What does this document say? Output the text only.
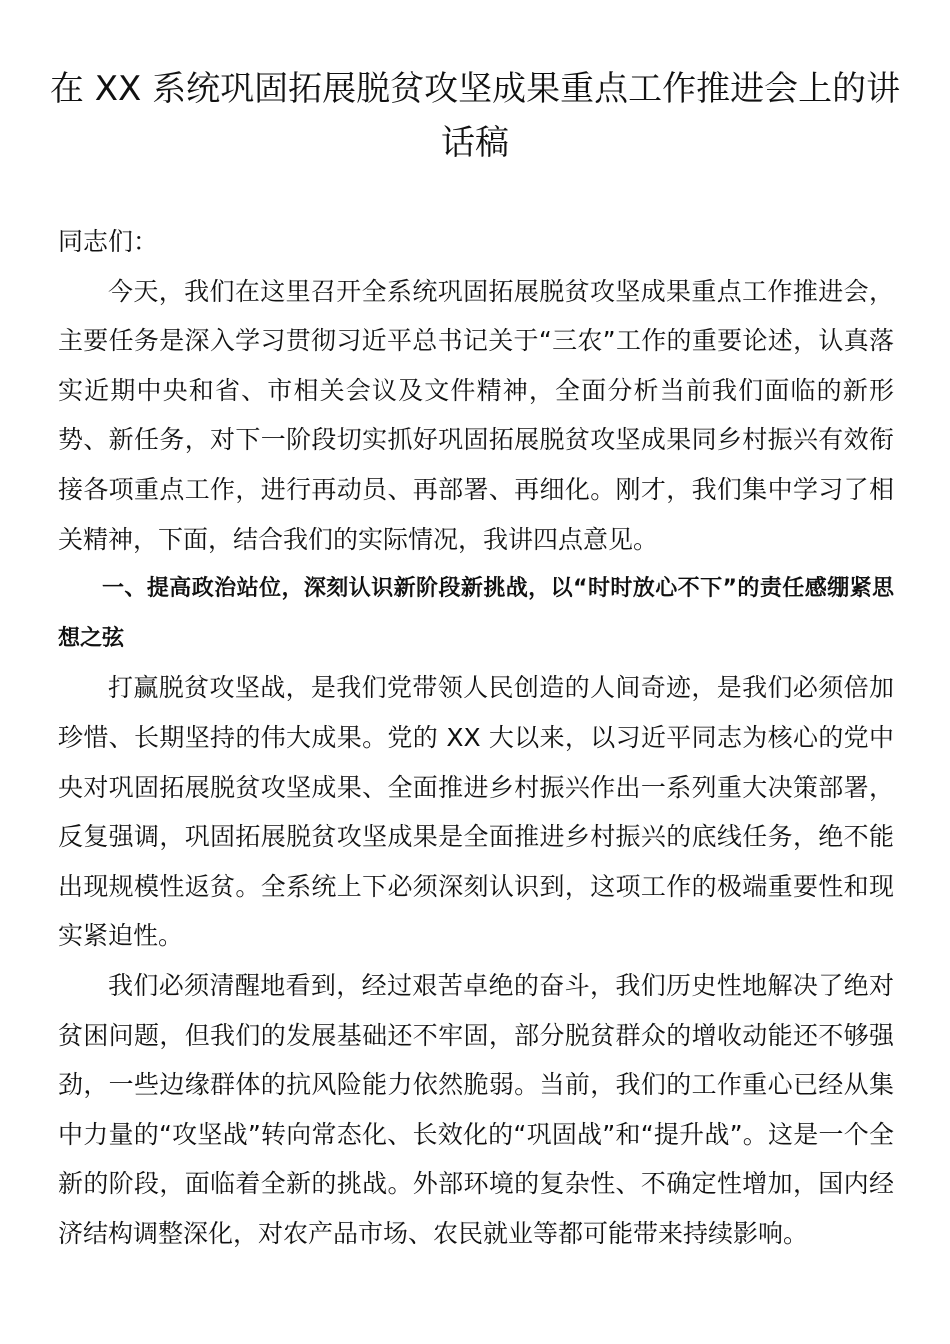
在 XX 系统巩固拓展脱贫攻坚成果重点工作推进会上的讲话稿

同志们：

今天，我们在这里召开全系统巩固拓展脱贫攻坚成果重点工作推进会，主要任务是深入学习贯彻习近平总书记关于“三农”工作的重要论述，认真落实近期中央和省、市相关会议及文件精神，全面分析当前我们面临的新形势、新任务，对下一阶段切实抓好巩固拓展脱贫攻坚成果同乡村振兴有效衔接各项重点工作，进行再动员、再部署、再细化。刚才，我们集中学习了相关精神，下面，结合我们的实际情况，我讲四点意见。

一、提高政治站位，深刻认识新阶段新挑战，以“时时放心不下”的责任感绷紧思想之弦

打赢脱贫攻坚战，是我们党带领人民创造的人间奇迹，是我们必须倍加珍惜、长期坚持的伟大成果。党的 XX 大以来，以习近平同志为核心的党中央对巩固拓展脱贫攻坚成果、全面推进乡村振兴作出一系列重大决策部署，反复强调，巩固拓展脱贫攻坚成果是全面推进乡村振兴的底线任务，绝不能出现规模性返贫。全系统上下必须深刻认识到，这项工作的极端重要性和现实紧迫性。

我们必须清醒地看到，经过艰苦卓绝的奋斗，我们历史性地解决了绝对贫困问题，但我们的发展基础还不牢固，部分脱贫群众的增收动能还不够强劲，一些边缘群体的抗风险能力依然脆弱。当前，我们的工作重心已经从集中力量的“攻坚战”转向常态化、长效化的“巩固战”和“提升战”。这是一个全新的阶段，面临着全新的挑战。外部环境的复杂性、不确定性增加，国内经济结构调整深化，对农产品市场、农民就业等都可能带来持续影响。
